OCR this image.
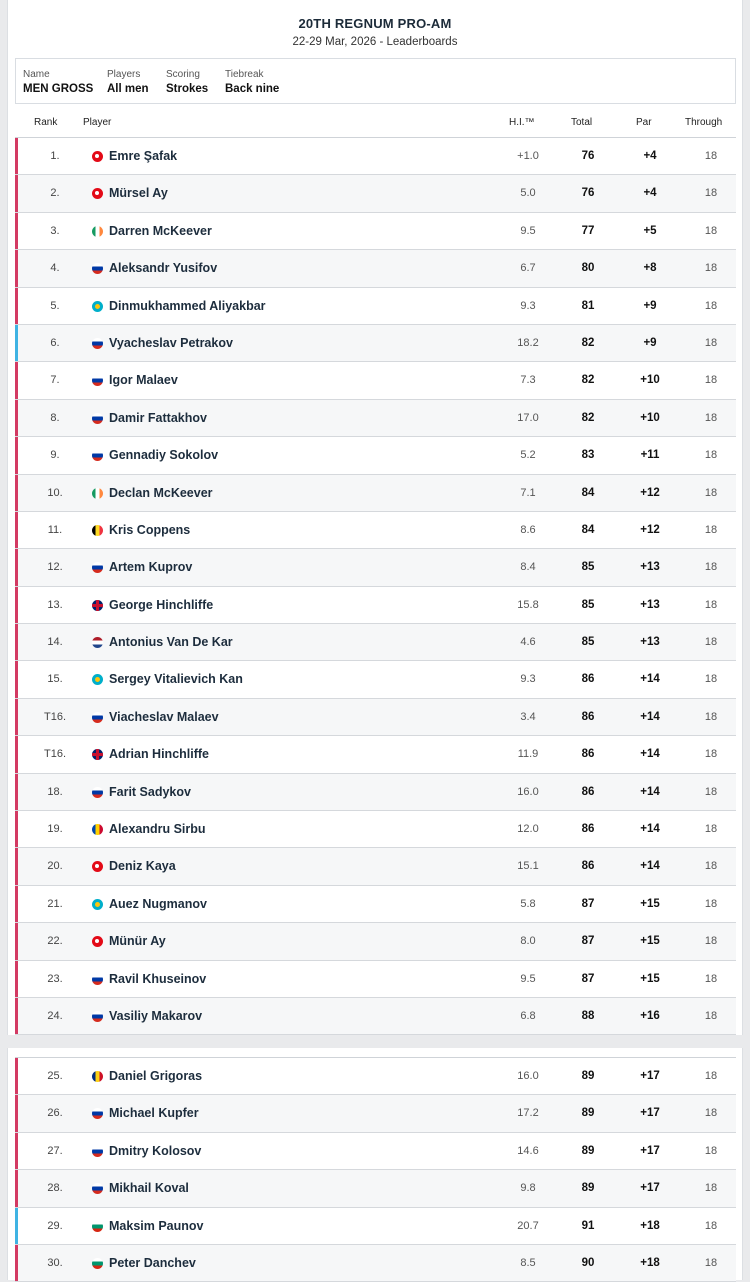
20TH REGNUM PRO-AM
22-29 Mar, 2026 - Leaderboards
Name
MEN GROSS
Players
All men
Scoring
Strokes
Tiebreak
Back nine
Rank	Player	H.I.™	Total	Par	Through
1.	Emre Şafak	+1.0	76	+4	18
2.	Mürsel Ay	5.0	76	+4	18
3.	Darren McKeever	9.5	77	+5	18
4.	Aleksandr Yusifov	6.7	80	+8	18
5.	Dinmukhammed Aliyakbar	9.3	81	+9	18
6.	Vyacheslav Petrakov	18.2	82	+9	18
7.	Igor Malaev	7.3	82	+10	18
8.	Damir Fattakhov	17.0	82	+10	18
9.	Gennadiy Sokolov	5.2	83	+11	18
10.	Declan McKeever	7.1	84	+12	18
11.	Kris Coppens	8.6	84	+12	18
12.	Artem Kuprov	8.4	85	+13	18
13.	George Hinchliffe	15.8	85	+13	18
14.	Antonius Van De Kar	4.6	85	+13	18
15.	Sergey Vitalievich Kan	9.3	86	+14	18
T16.	Viacheslav Malaev	3.4	86	+14	18
T16.	Adrian Hinchliffe	11.9	86	+14	18
18.	Farit Sadykov	16.0	86	+14	18
19.	Alexandru Sirbu	12.0	86	+14	18
20.	Deniz Kaya	15.1	86	+14	18
21.	Auez Nugmanov	5.8	87	+15	18
22.	Münür Ay	8.0	87	+15	18
23.	Ravil Khuseinov	9.5	87	+15	18
24.	Vasiliy Makarov	6.8	88	+16	18
25.	Daniel Grigoras	16.0	89	+17	18
26.	Michael Kupfer	17.2	89	+17	18
27.	Dmitry Kolosov	14.6	89	+17	18
28.	Mikhail Koval	9.8	89	+17	18
29.	Maksim Paunov	20.7	91	+18	18
30.	Peter Danchev	8.5	90	+18	18
